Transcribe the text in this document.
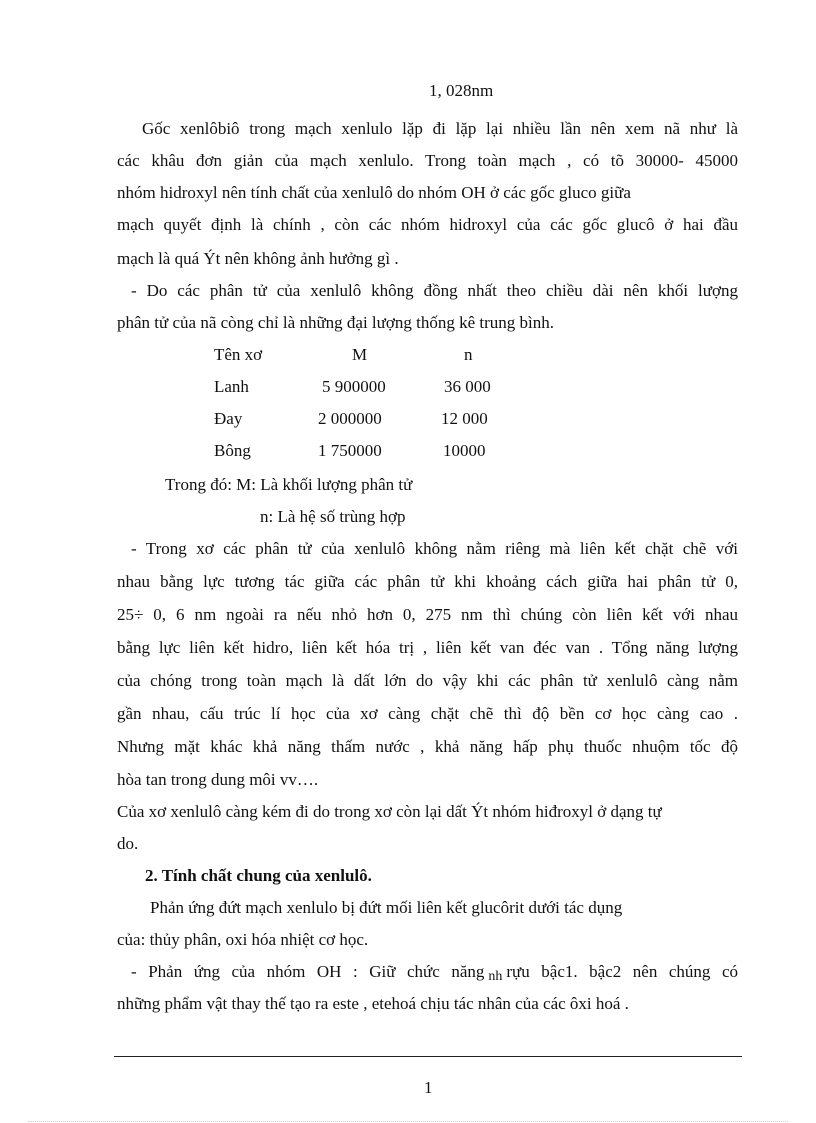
1, 028nm
Gốc xenlôbiô trong mạch xenlulo lặp đi lặp lại nhiều lần nên xem nã như là
các khâu đơn giản của mạch xenlulo. Trong toàn mạch , có tõ 30000- 45000
nhóm hidroxyl nên tính chất của xenlulô do nhóm OH ở các gốc gluco giữa
mạch quyết định là chính , còn các nhóm hidroxyl của các gốc glucô ở hai đầu
mạch là quá Ýt nên không ảnh hưởng gì .
- Do các phân tử của xenlulô không đồng nhất theo chiều dài nên khối lượng
phân tử của nã còng chỉ là những đại lượng thống kê trung bình.
Tên xơ	M	n
Lanh	5 900000	36 000
Đay	2 000000	12 000
Bông	1 750000	10000
Trong đó: M: Là khối lượng phân tử
n: Là hệ số trùng hợp
- Trong xơ các phân tử của xenlulô không nằm riêng mà liên kết chặt chẽ với
nhau bằng lực tương tác giữa các phân tử khi khoảng cách giữa hai phân tử 0,
25÷ 0, 6 nm ngoài ra nếu nhỏ hơn 0, 275 nm thì chúng còn liên kết với nhau
bằng lực liên kết hidro, liên kết hóa trị , liên kết van đéc van . Tổng năng lượng
của chóng trong toàn mạch là dất lớn do vậy khi các phân tử xenlulô càng nằm
gần nhau, cấu trúc lí học của xơ càng chặt chẽ thì độ bền cơ học càng cao .
Nhưng mặt khác khả năng thấm nước , khả năng hấp phụ thuốc nhuộm tốc độ
hòa tan trong dung môi vv….
Của xơ xenlulô càng kém đi do trong xơ còn lại dất Ýt nhóm hiđroxyl ở dạng tự
do.
2. Tính chất chung của xenlulô.
Phản ứng đứt mạch xenlulo bị đứt mối liên kết glucôrit dưới tác dụng
của: thủy phân, oxi hóa nhiệt cơ học.
- Phản ứng của nhóm OH : Giữ chức năng nh rựu bậc1. bậc2 nên chúng có
những phẩm vật thay thế tạo ra este , etehoá chịu tác nhân của các ôxi hoá .
1
